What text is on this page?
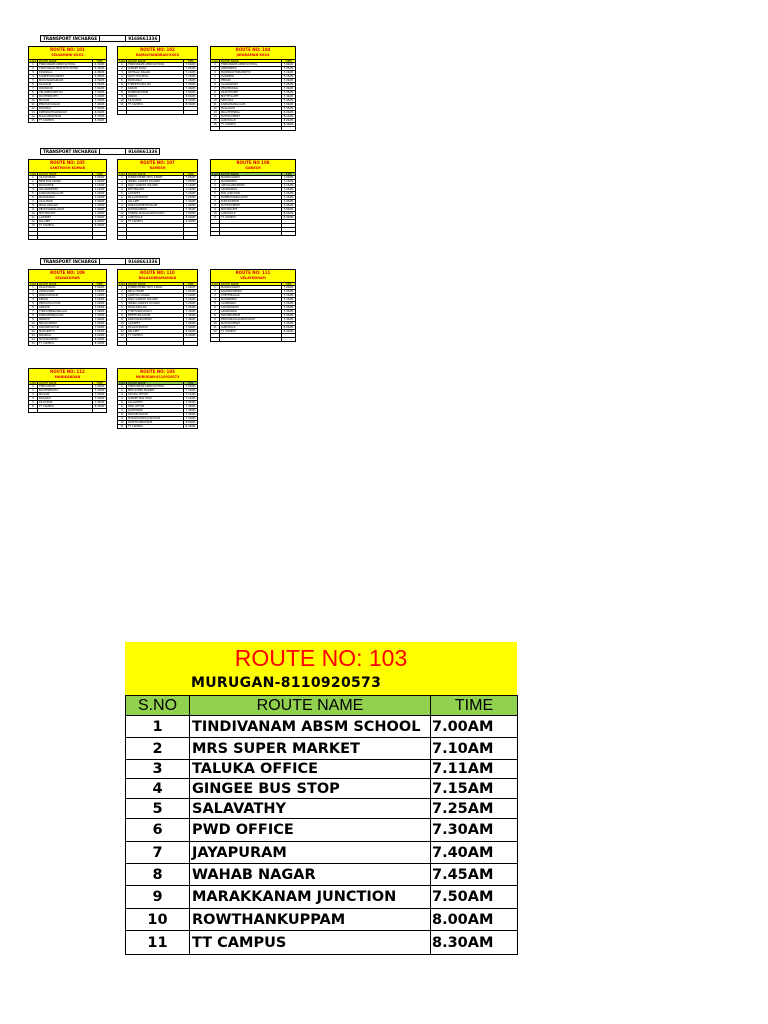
TRANSPORT INCHARGE	9168661336
TRANSPORT INCHARGE	9168661336
TRANSPORT INCHARGE	9168661336
ROUTE NO: 101
SELVAMANI-XXXX
S.NO	ROUTE NAME	TIME
1	TINDIVANAM ABSM SCHOOL	6.30AM
2	TINDIVANAM NEW BUS STAND	6.40AM
3	KIDANGAL	6.45AM
4	SANJEEVIRAYANPET	6.48AM
5	MURUNGAPAKKAM	6.50AM
6	OLAKKUR	6.55AM
7	OMANDUR	7.00AM
8	VELLIMEDUPETTAI	7.10AM
9	KOOTERIPATTU	7.20AM
10	MAILAM	7.30AM
11	PERIYAR NAGAR	7.40AM
12	ROSANAI	7.50AM
13	KIZHKOOTHAPAKKAM	8.00AM
14	KOLLIYANGUNAM	8.10AM
15	TT CAMPUS	8.30AM
ROUTE NO: 102
RAMACHANDRAN-XXXX
S.NO	ROUTE NAME	TIME
1	TINDIVANAM ABSM SCHOOL	7.00AM
2	GINGEE ROAD	7.05AM
3	KATTALAI NAGAR	7.10AM
4	GOVT HOSPITAL	7.15AM
5	ROSHANAI	7.20AM
6	THEERTHAKULAM	7.30AM
7	SARAM	7.40AM
8	KONERIKUPPAM	7.50AM
9	VANUR	8.00AM
10	KILIYANUR	8.10AM
11	TT CAMPUS	8.30AM
ROUTE NO: 104
JAYARAMAN-XXXX
S.NO	ROUTE NAME	TIME
1	TINDIVANAM ABSM SCHOOL	7.00AM
2	VANDIMEDU	7.05AM
3	MOONGILTHURAIPATTU	7.10AM
4	AVANIPUR	7.15AM
5	PERANI	7.20AM
6	ALAGRAMAM	7.25AM
7	PERUMUKKAL	7.30AM
8	KILPUTHUPET	7.35AM
9	MUTHIYALPET	7.40AM
10	SIRUVADI	7.45AM
11	KANDAMANGALAM	7.50AM
12	NALLAVUR	7.55AM
13	PALLITHENNAL	8.00AM
14	KOTTAKUPPAM	8.10AM
15	AUROVILLE	8.20AM
16	TT CAMPUS	8.30AM
ROUTE NO: 105
SANTHOSH KUMAR
S.NO	ROUTE NAME	TIME
1	VILLUPURAM	7.00AM
2	NEW BUS STAND	7.05AM
3	KOLIYANUR	7.10AM
4	VALUDAREDDY	7.15AM
5	KANDAMANGALAM	7.20AM
6	MADUKARAI	7.25AM
7	VILLIANUR	7.30AM
8	MOOLAKULAM	7.35AM
9	REDDIYARPALAYAM	7.40AM
10	MUTHIALPET	7.45AM
11	LAWSPET	7.50AM
12	KALAPET	8.00AM
13	TT CAMPUS	8.30AM
ROUTE NO: 107
RAMESH
S.NO	ROUTE NAME	TIME
1	PONDICHERRY BUS STAND	7.00AM
2	INDIRA GANDHI SQUARE	7.05AM
3	RAJIV GANDHI SQUARE	7.10AM
4	MUTHIALPET	7.15AM
5	LAWSPET	7.20AM
6	PILLAICHAVADY	7.25AM
7	KALAPET	7.30AM
8	KANAGACHETTIKULAM	7.40AM
9	KOTTAKUPPAM	7.45AM
10	CHINNA MUDALIARCHAVADY	7.50AM
11	AUROVILLE	8.00AM
12	TT CAMPUS	8.30AM
ROUTE NO 108
GANESH
S.NO	ROUTE NAME	TIME
1	MARAKKANAM	7.00AM
2	KOONIMEDU	7.10AM
3	AZHAGANKUPPAM	7.15AM
4	ANUMANDAI	7.20AM
5	ECR JUNCTION	7.25AM
6	BOMMAYARPALAYAM	7.30AM
7	PUDUKUPPAM	7.40AM
8	KOTTAKUPPAM	7.45AM
9	MUTHIALPET	7.50AM
10	AUROVILLE	8.00AM
11	TT CAMPUS	8.30AM
ROUTE NO: 109
SELVAKUMAR
S.NO	ROUTE NAME	TIME
1	VILLUPURAM	7.00AM
2	VIKRAVANDI	7.05AM
3	PANAYAPURAM	7.10AM
4	KEDAR	7.15AM
5	PERIYATHACHUR	7.20AM
6	ARASUR	7.25AM
7	THIRUVENNAINALLUR	7.30AM
8	KANDAMANGALAM	7.35AM
9	PANRUTI	7.40AM
10	NELLIKUPPAM	7.45AM
11	KADAMPULIYUR	7.50AM
12	MADAPATTU	7.55AM
13	PARIKKAL	8.00AM
14	KOTTAKUPPAM	8.10AM
15	TT CAMPUS	8.30AM
ROUTE NO: 110
BALASUBRAMANIAN
S.NO	ROUTE NAME	TIME
1	PONDICHERRY BUS STAND	7.00AM
2	NELLITHOPE	7.05AM
3	AJANTHA SIGNAL	7.10AM
4	RAJIV GANDHI SQUARE	7.15AM
5	INDIRA GANDHI SQUARE	7.20AM
6	MOOLAKULAM	7.25AM
7	THATTANCHAVADY	7.30AM
8	MEETTUPALAYAM	7.35AM
9	KARUVADIKUPPAM	7.40AM
10	LAWSPET	7.45AM
11	PILLAICHAVADY	7.50AM
12	KALAPET	8.00AM
13	TT CAMPUS	8.30AM
ROUTE NO: 111
VELAYUDHAM
S.NO	ROUTE NAME	TIME
1	MARAKKANAM	7.00AM
2	KAIPANIKUPPAM	7.05AM
3	CHETTINAGAR	7.10AM
4	KOONIMEDU	7.15AM
5	ALAMPARAI	7.20AM
6	KADAPAKKAM	7.25AM
7	ANUMANDAI	7.30AM
8	NOCHIKUPPAM	7.35AM
9	PERIYAMUDALIARCHAVADY	7.40AM
10	KOTTAKUPPAM	7.45AM
11	AUROVILLE	8.00AM
12	TT CAMPUS	8.30AM
ROUTE NO: 112
MANIKANDAN
S.NO	ROUTE NAME	TIME
1	TINDIVANAM	7.00AM
2	KOOTERIPATTU	7.10AM
3	MAILAM	7.20AM
4	ROSANAI	7.30AM
5	KILIYANUR	7.45AM
6	TT CAMPUS	8.30AM
ROUTE NO: 103
MURUGAN-8110920573
S.NO	ROUTE NAME	TIME
1	TINDIVANAM ABSM SCHOOL	7.00AM
2	MRS SUPER MARKET	7.10AM
3	TALUKA OFFICE	7.11AM
4	GINGEE BUS STOP	7.15AM
5	SALAVATHY	7.25AM
6	PWD OFFICE	7.30AM
7	JAYAPURAM	7.40AM
8	WAHAB NAGAR	7.45AM
9	MARAKKANAM JUNCTION	7.50AM
10	ROWTHANKUPPAM	8.00AM
11	TT CAMPUS	8.30AM
ROUTE NO: 103
MURUGAN-8110920573
S.NO	ROUTE NAME	TIME
1	TINDIVANAM ABSM SCHOOL	7.00AM
2	MRS SUPER MARKET	7.10AM
3	TALUKA OFFICE	7.11AM
4	GINGEE BUS STOP	7.15AM
5	SALAVATHY	7.25AM
6	PWD OFFICE	7.30AM
7	JAYAPURAM	7.40AM
8	WAHAB NAGAR	7.45AM
9	MARAKKANAM JUNCTION	7.50AM
10	ROWTHANKUPPAM	8.00AM
11	TT CAMPUS	8.30AM
